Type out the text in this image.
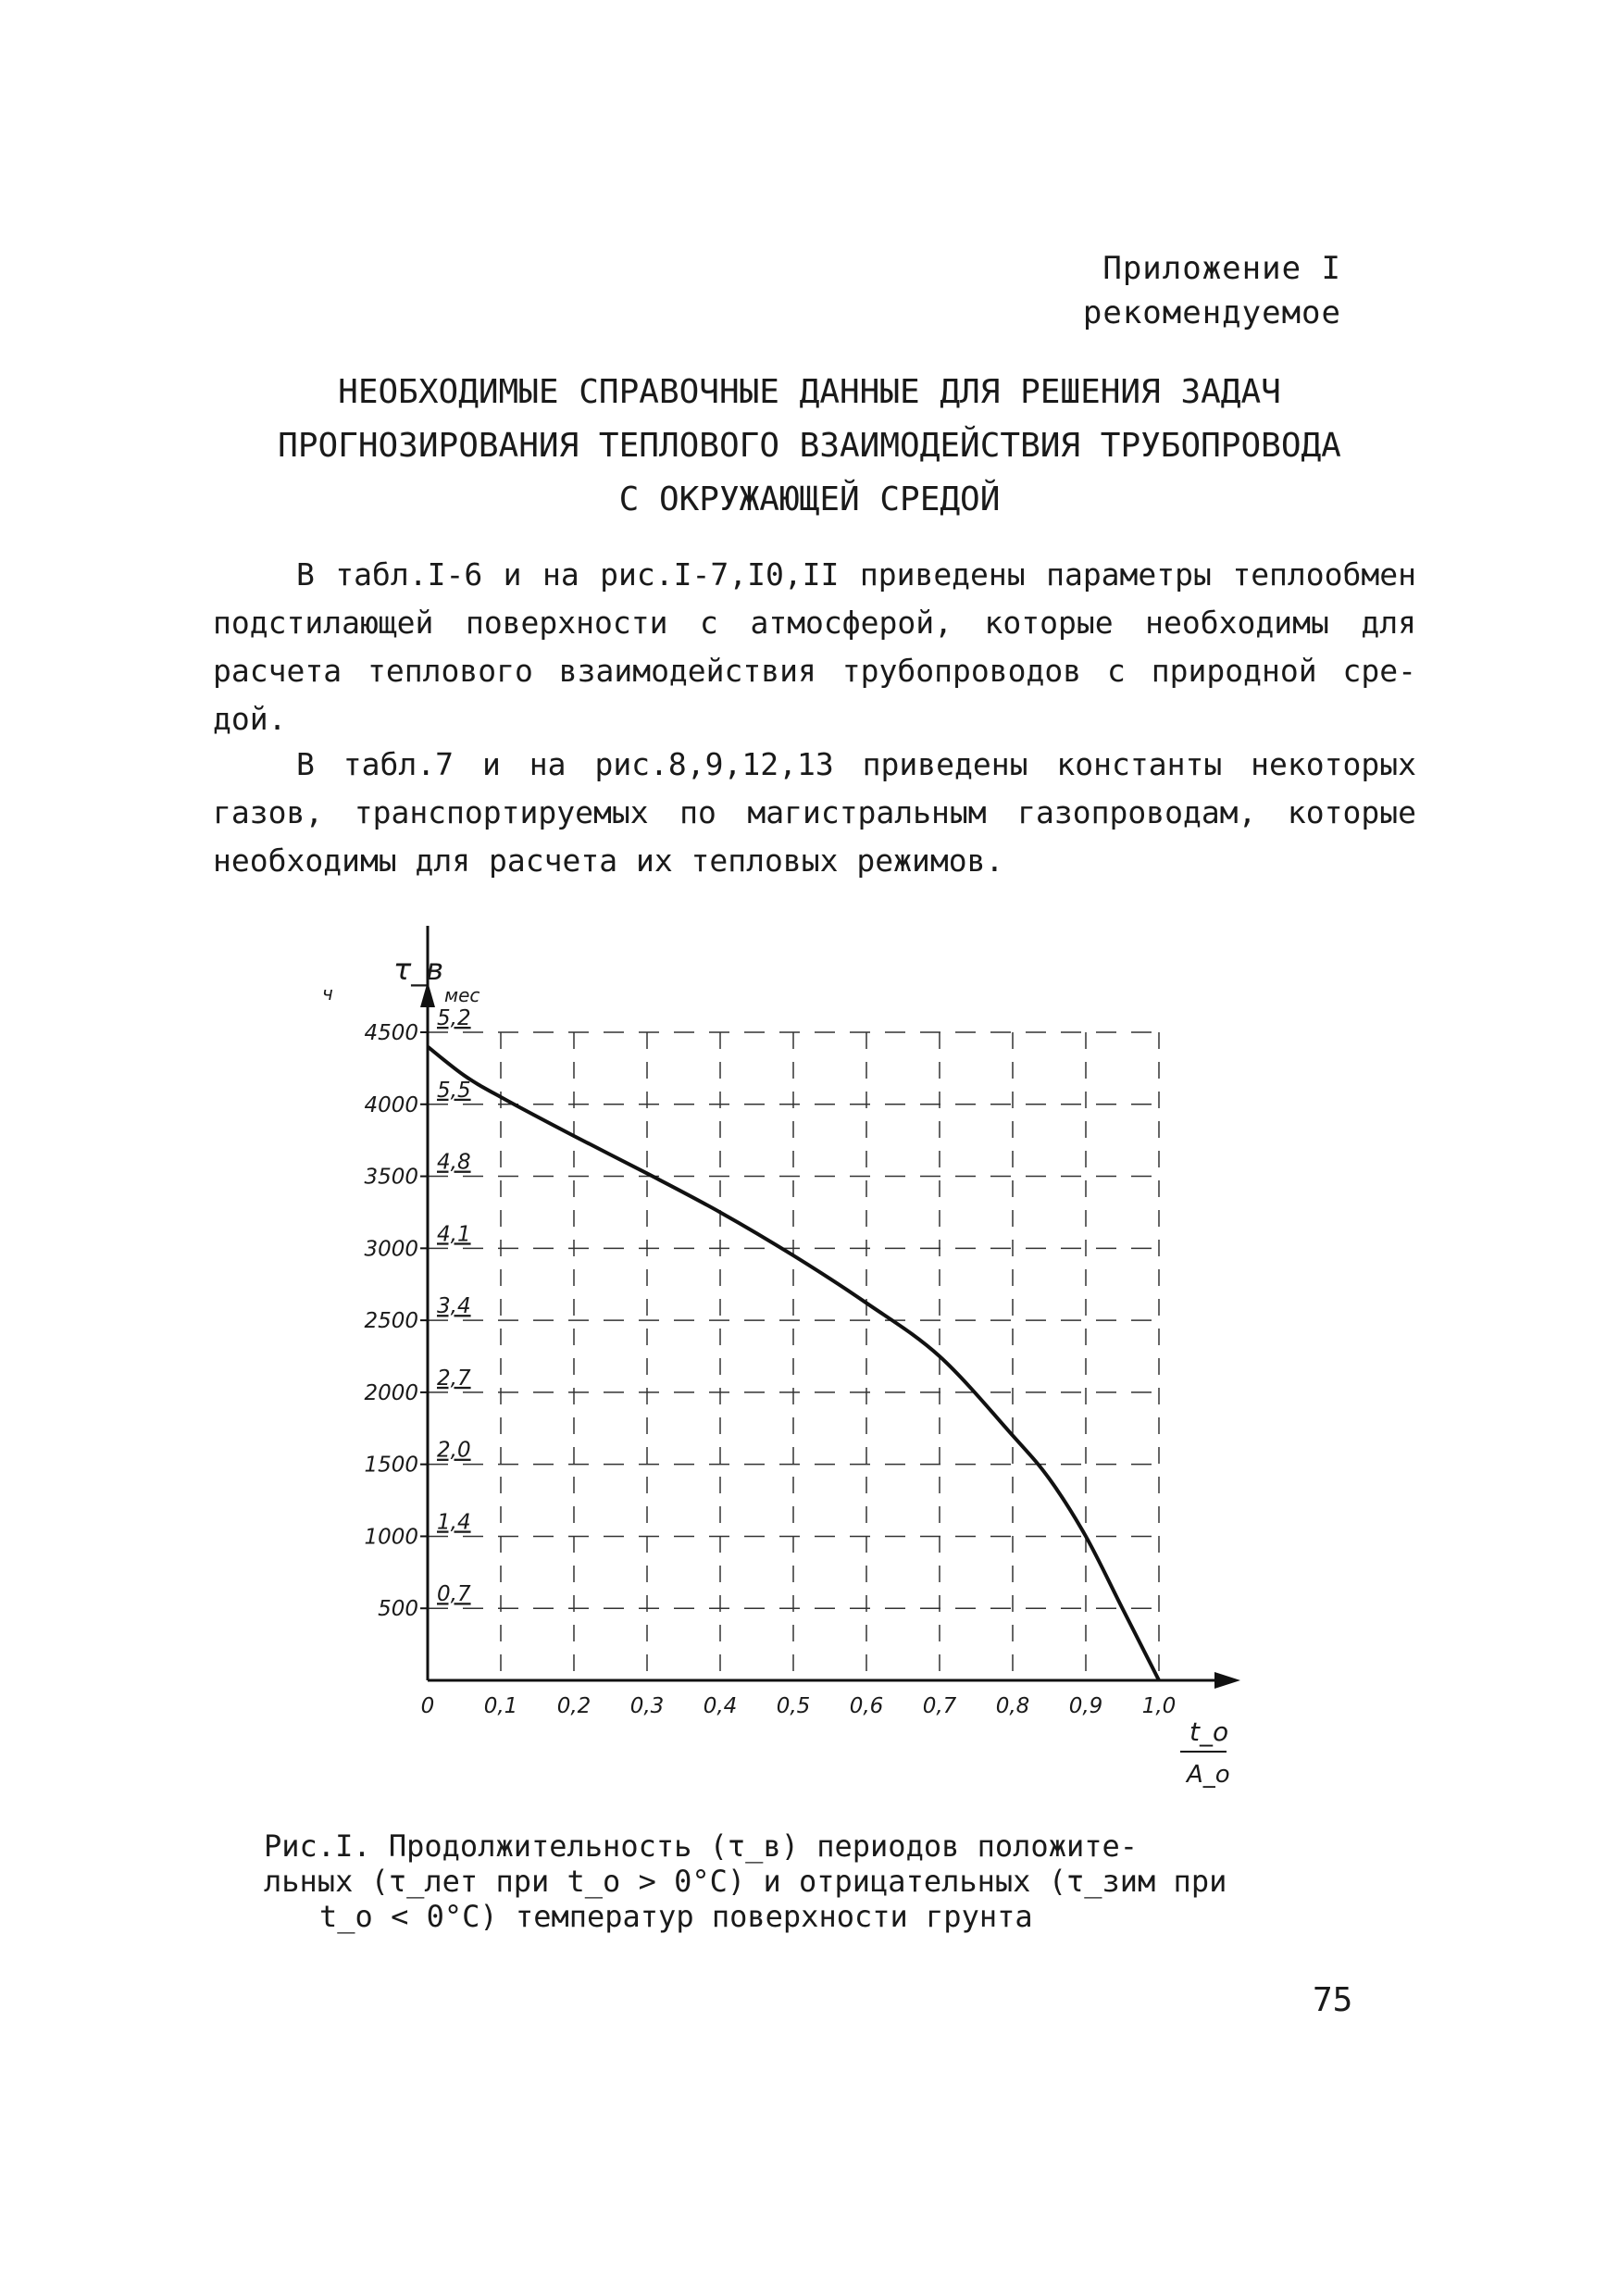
Приложение I
рекомендуемое
НЕОБХОДИМЫЕ СПРАВОЧНЫЕ ДАННЫЕ ДЛЯ РЕШЕНИЯ ЗАДАЧ
ПРОГНОЗИРОВАНИЯ ТЕПЛОВОГО ВЗАИМОДЕЙСТВИЯ ТРУБОПРОВОДА
С ОКРУЖАЮЩЕЙ СРЕДОЙ
В табл.I-6 и на рис.I-7,I0,II приведены параметры теплообмен подстилающей поверхности с атмосферой, которые необходимы для расчета теплового взаимодействия трубопроводов с природной сре-дой.
В табл.7 и на рис.8,9,12,13 приведены константы некоторых газов, транспортируемых по магистральным газопроводам, которые необходимы для расчета их тепловых режимов.
τ_в
ч	мес
500
1000
1500
2000
2500
3000
3500
4000
4500
0,7
1,4
2,0
2,7
3,4
4,1
4,8
5,5
5,2
0 0,1 0,2 0,3 0,4 0,5 0,6 0,7 0,8 0,9 1,0
t_о
А_о
Рис.I. Продолжительность (τ_в) периодов положите-
льных (τ_лет при t_о > 0°C) и отрицательных (τ_зим при
t_о < 0°C) температур поверхности грунта
75
